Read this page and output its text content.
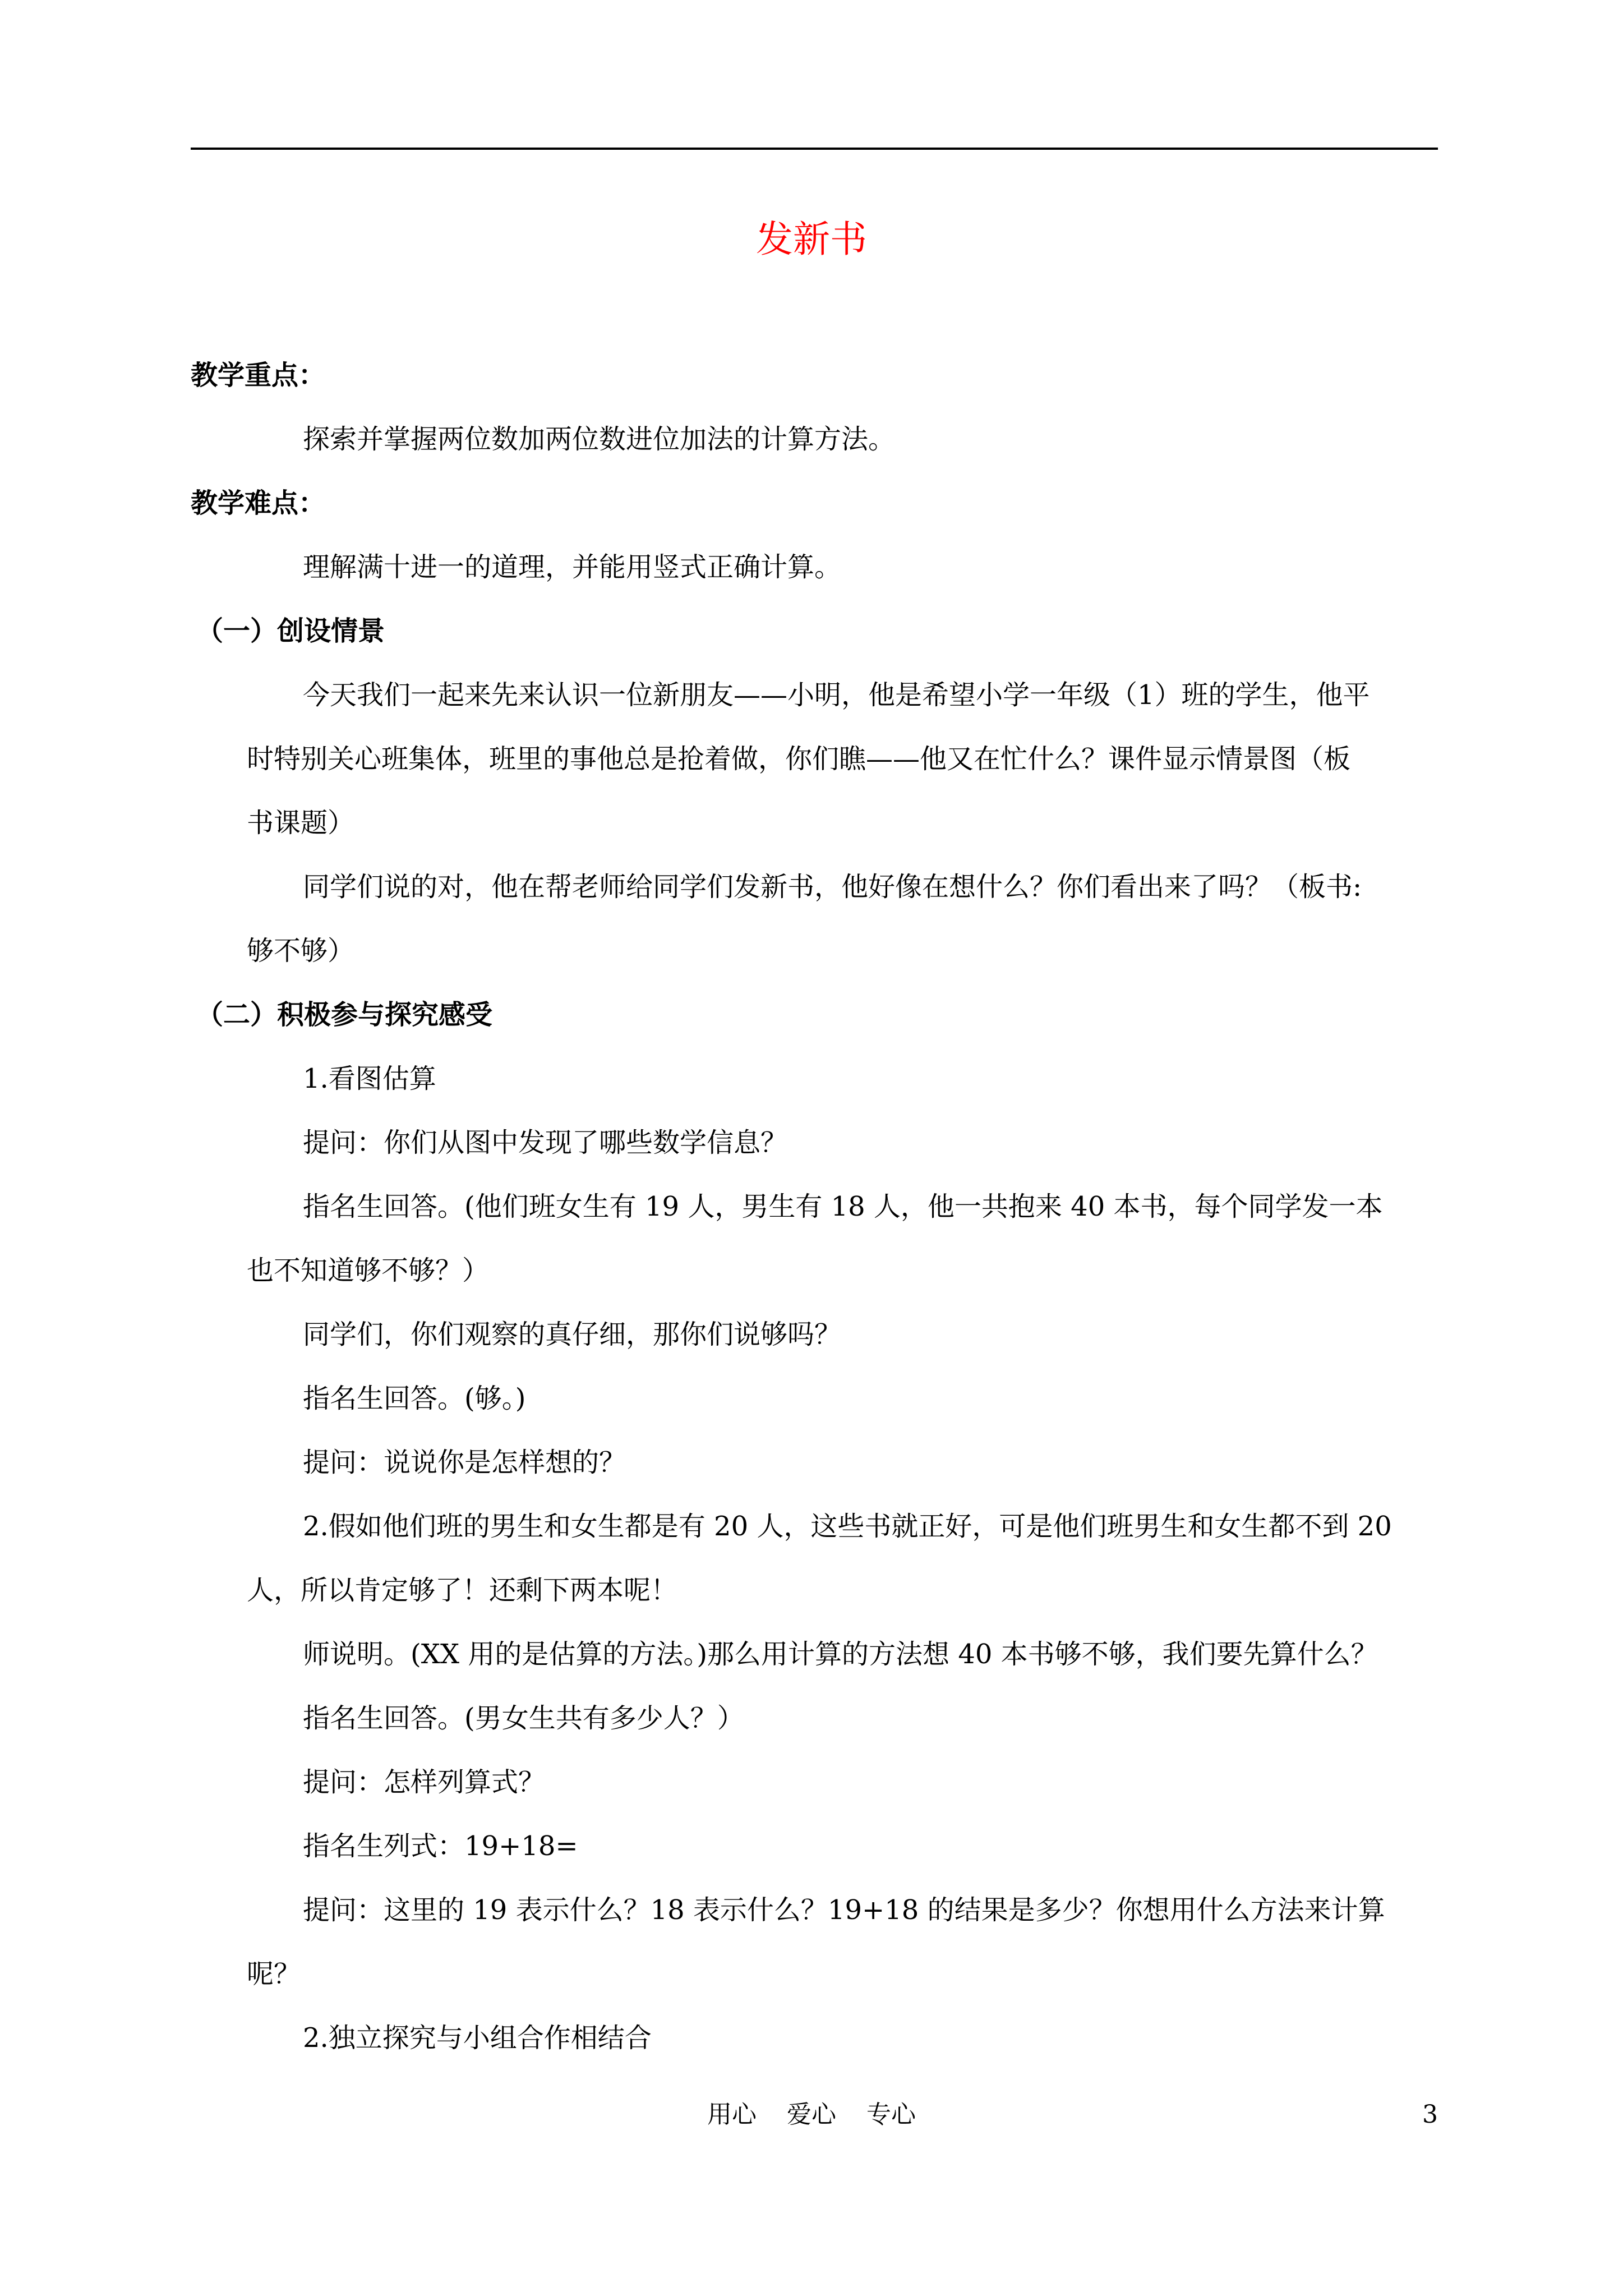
发新书
教学重点：
探索并掌握两位数加两位数进位加法的计算方法。
教学难点：
理解满十进一的道理，并能用竖式正确计算。
（一）创设情景
今天我们一起来先来认识一位新朋友——小明，他是希望小学一年级（1）班的学生，他平
时特别关心班集体，班里的事他总是抢着做，你们瞧——他又在忙什么？课件显示情景图（板
书课题）
同学们说的对，他在帮老师给同学们发新书，他好像在想什么？你们看出来了吗？（板书:
够不够）
（二）积极参与探究感受
1.看图估算
提问：你们从图中发现了哪些数学信息？
指名生回答。(他们班女生有 19 人，男生有 18 人，他一共抱来 40 本书，每个同学发一本
也不知道够不够？）
同学们，你们观察的真仔细，那你们说够吗？
指名生回答。(够。)
提问：说说你是怎样想的？
2.假如他们班的男生和女生都是有 20 人，这些书就正好，可是他们班男生和女生都不到 20
人，所以肯定够了！还剩下两本呢！
师说明。(XX 用的是估算的方法。)那么用计算的方法想 40 本书够不够，我们要先算什么？
指名生回答。(男女生共有多少人？）
提问：怎样列算式？
指名生列式：19+18=
提问：这里的 19 表示什么？18 表示什么？19+18 的结果是多少？你想用什么方法来计算
呢？
2.独立探究与小组合作相结合
用心 爱心 专心	3
